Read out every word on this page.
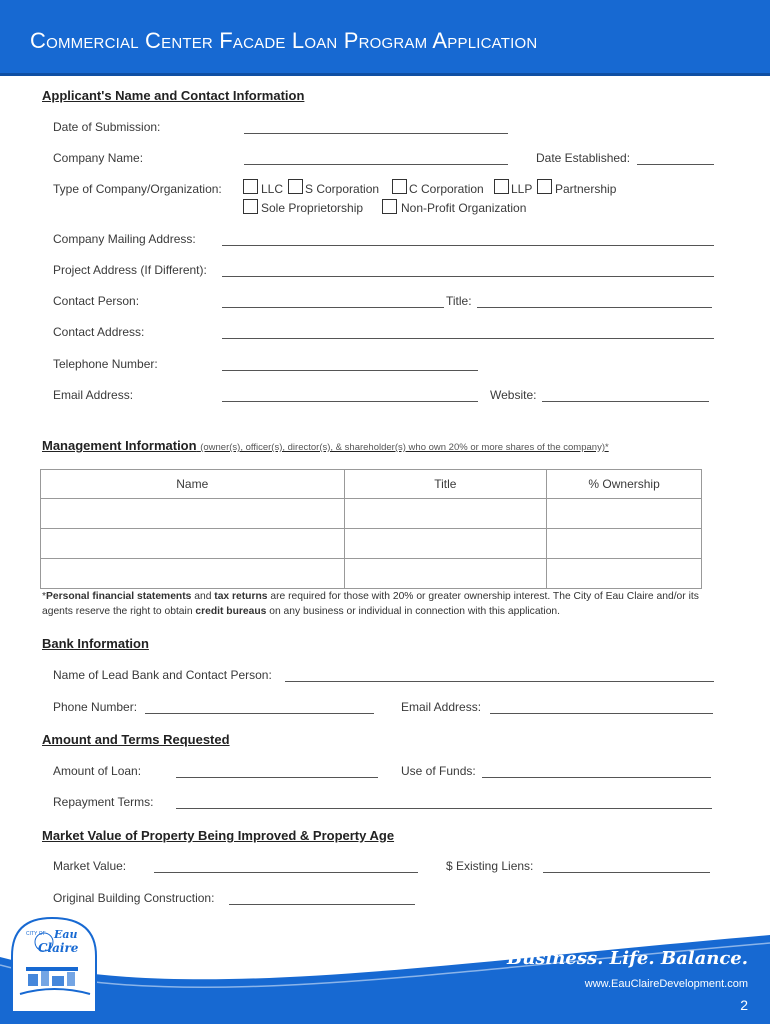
Commercial Center Facade Loan Program Application
Applicant's Name and Contact Information
Date of Submission:
Company Name:	Date Established:
Type of Company/Organization:	LLC S Corporation C Corporation LLP Partnership
Sole Proprietorship	Non-Profit Organization
Company Mailing Address:
Project Address (If Different):
Contact Person:	Title:
Contact Address:
Telephone Number:
Email Address:	Website:
Management Information (owner(s), officer(s), director(s), & shareholder(s) who own 20% or more shares of the company)*
Name	Title	% Ownership

*Personal financial statements and tax returns are required for those with 20% or greater ownership interest. The City of Eau Claire and/or its agents reserve the right to obtain credit bureaus on any business or individual in connection with this application.
Bank Information
Name of Lead Bank and Contact Person:
Phone Number:	Email Address:
Amount and Terms Requested
Amount of Loan:	Use of Funds:
Repayment Terms:
Market Value of Property Being Improved & Property Age
Market Value:	$ Existing Liens:
Original Building Construction:
CITY OF Eau
Claire	Business. Life. Balance.
www.EauClaireDevelopment.com
2
